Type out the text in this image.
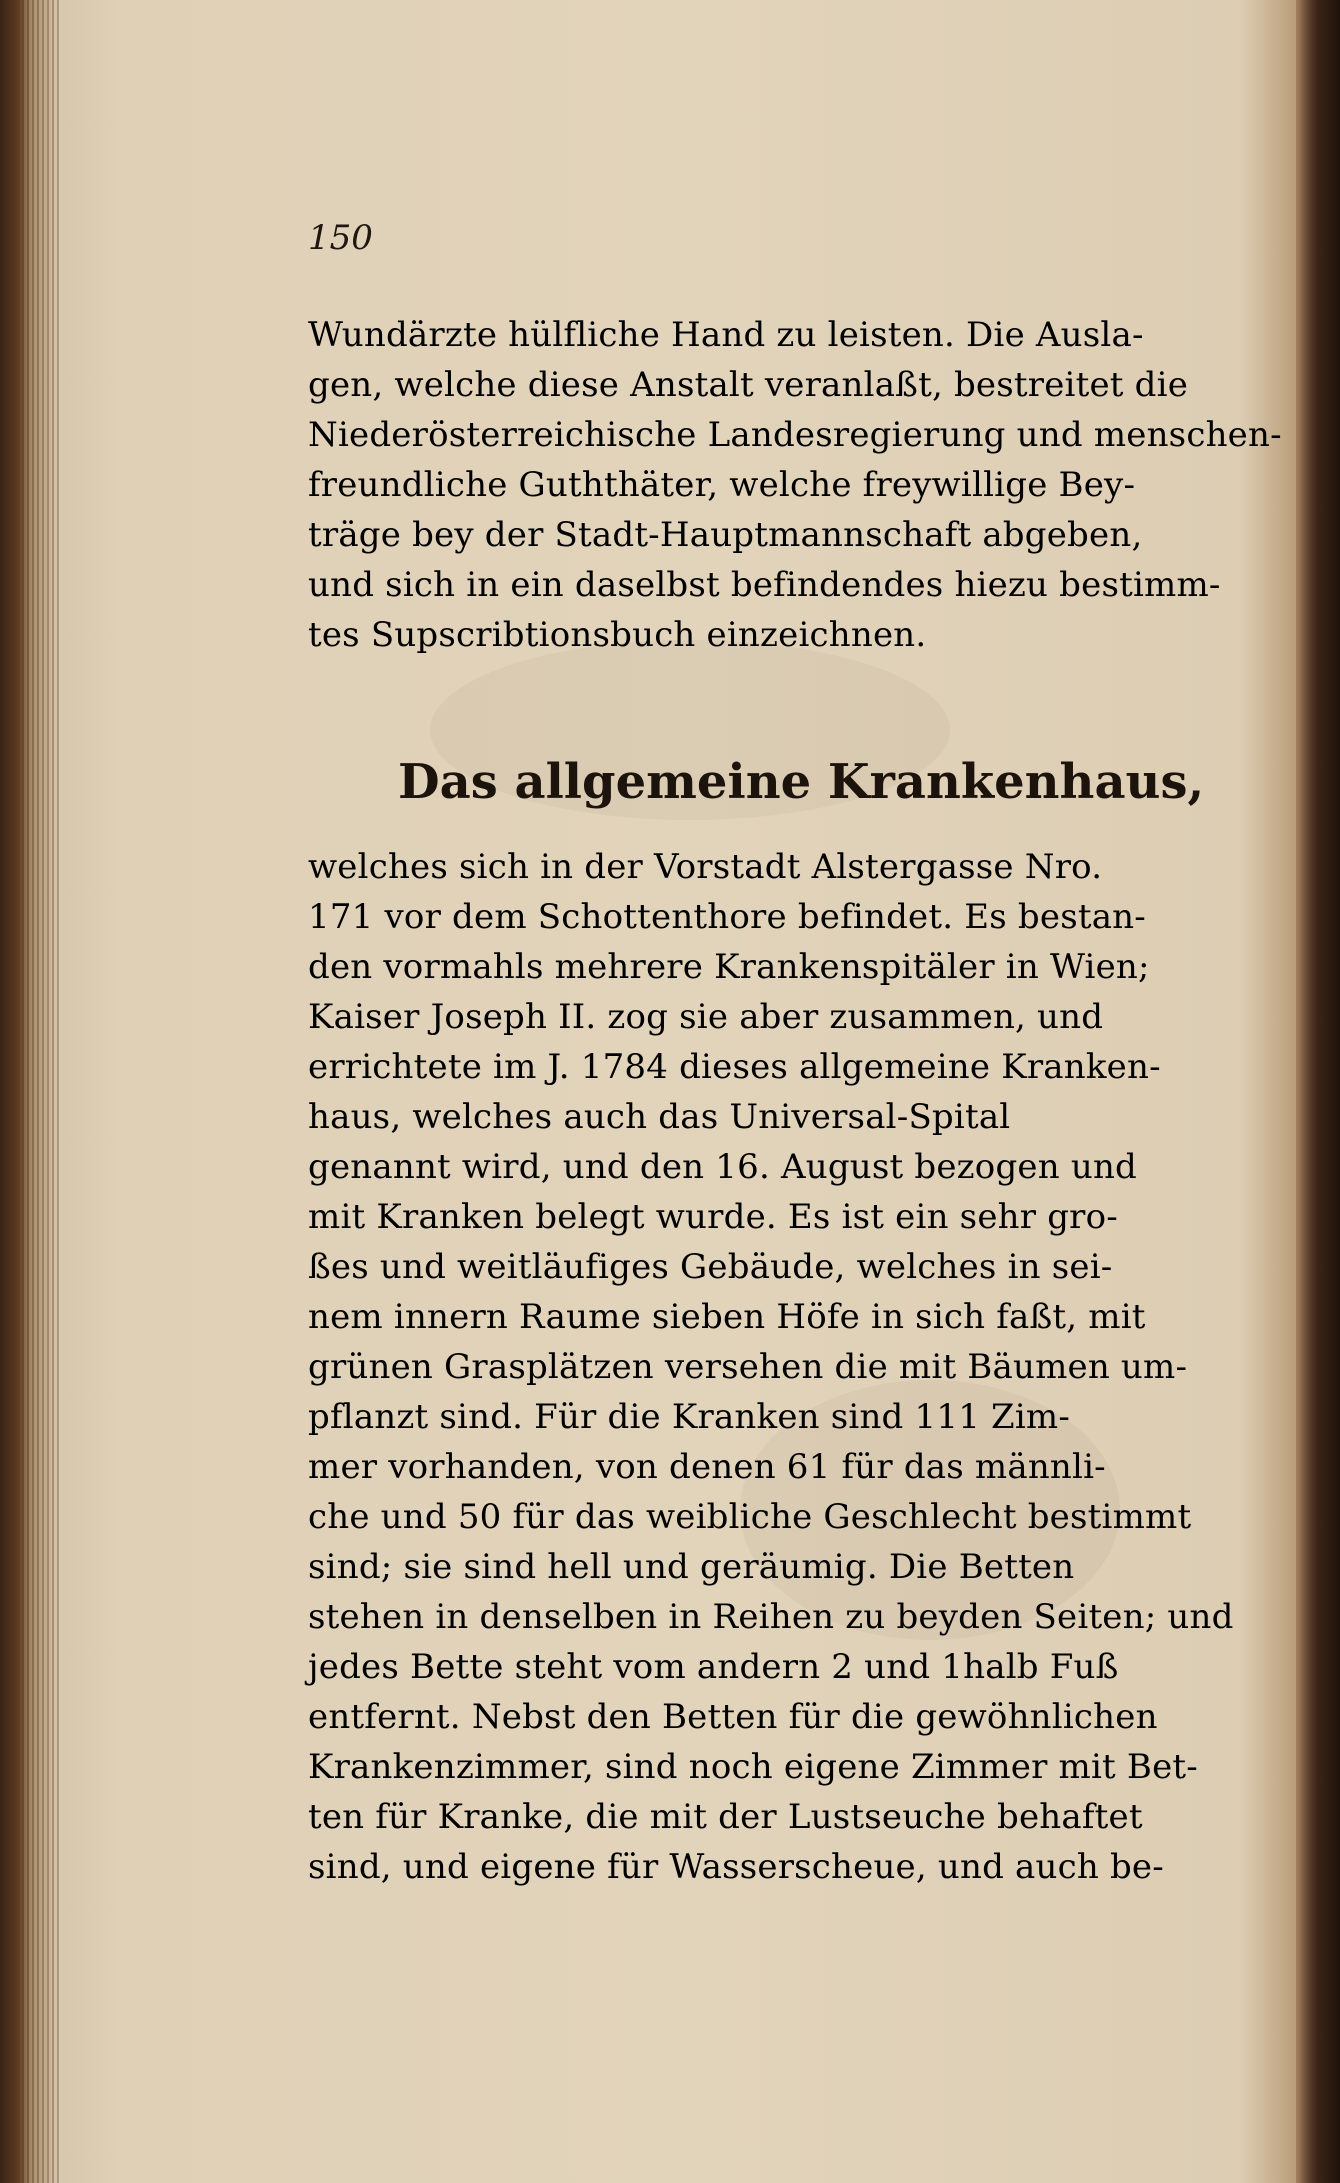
150
Wundärzte hülfliche Hand zu leisten. Die Ausla-
gen, welche diese Anstalt veranlaßt, bestreitet die
Niederösterreichische Landesregierung und menschen-
freundliche Guththäter, welche freywillige Bey-
träge bey der Stadt-Hauptmannschaft abgeben,
und sich in ein daselbst befindendes hiezu bestimm-
tes Supscribtionsbuch einzeichnen.
Das allgemeine Krankenhaus,
welches sich in der Vorstadt Alstergasse Nro.
171 vor dem Schottenthore befindet. Es bestan-
den vormahls mehrere Krankenspitäler in Wien;
Kaiser Joseph II. zog sie aber zusammen, und
errichtete im J. 1784 dieses allgemeine Kranken-
haus, welches auch das Universal-Spital
genannt wird, und den 16. August bezogen und
mit Kranken belegt wurde. Es ist ein sehr gro-
ßes und weitläufiges Gebäude, welches in sei-
nem innern Raume sieben Höfe in sich faßt, mit
grünen Grasplätzen versehen die mit Bäumen um-
pflanzt sind. Für die Kranken sind 111 Zim-
mer vorhanden, von denen 61 für das männli-
che und 50 für das weibliche Geschlecht bestimmt
sind; sie sind hell und geräumig. Die Betten
stehen in denselben in Reihen zu beyden Seiten; und
jedes Bette steht vom andern 2 und 1halb Fuß
entfernt. Nebst den Betten für die gewöhnlichen
Krankenzimmer, sind noch eigene Zimmer mit Bet-
ten für Kranke, die mit der Lustseuche behaftet
sind, und eigene für Wasserscheue, und auch be-
